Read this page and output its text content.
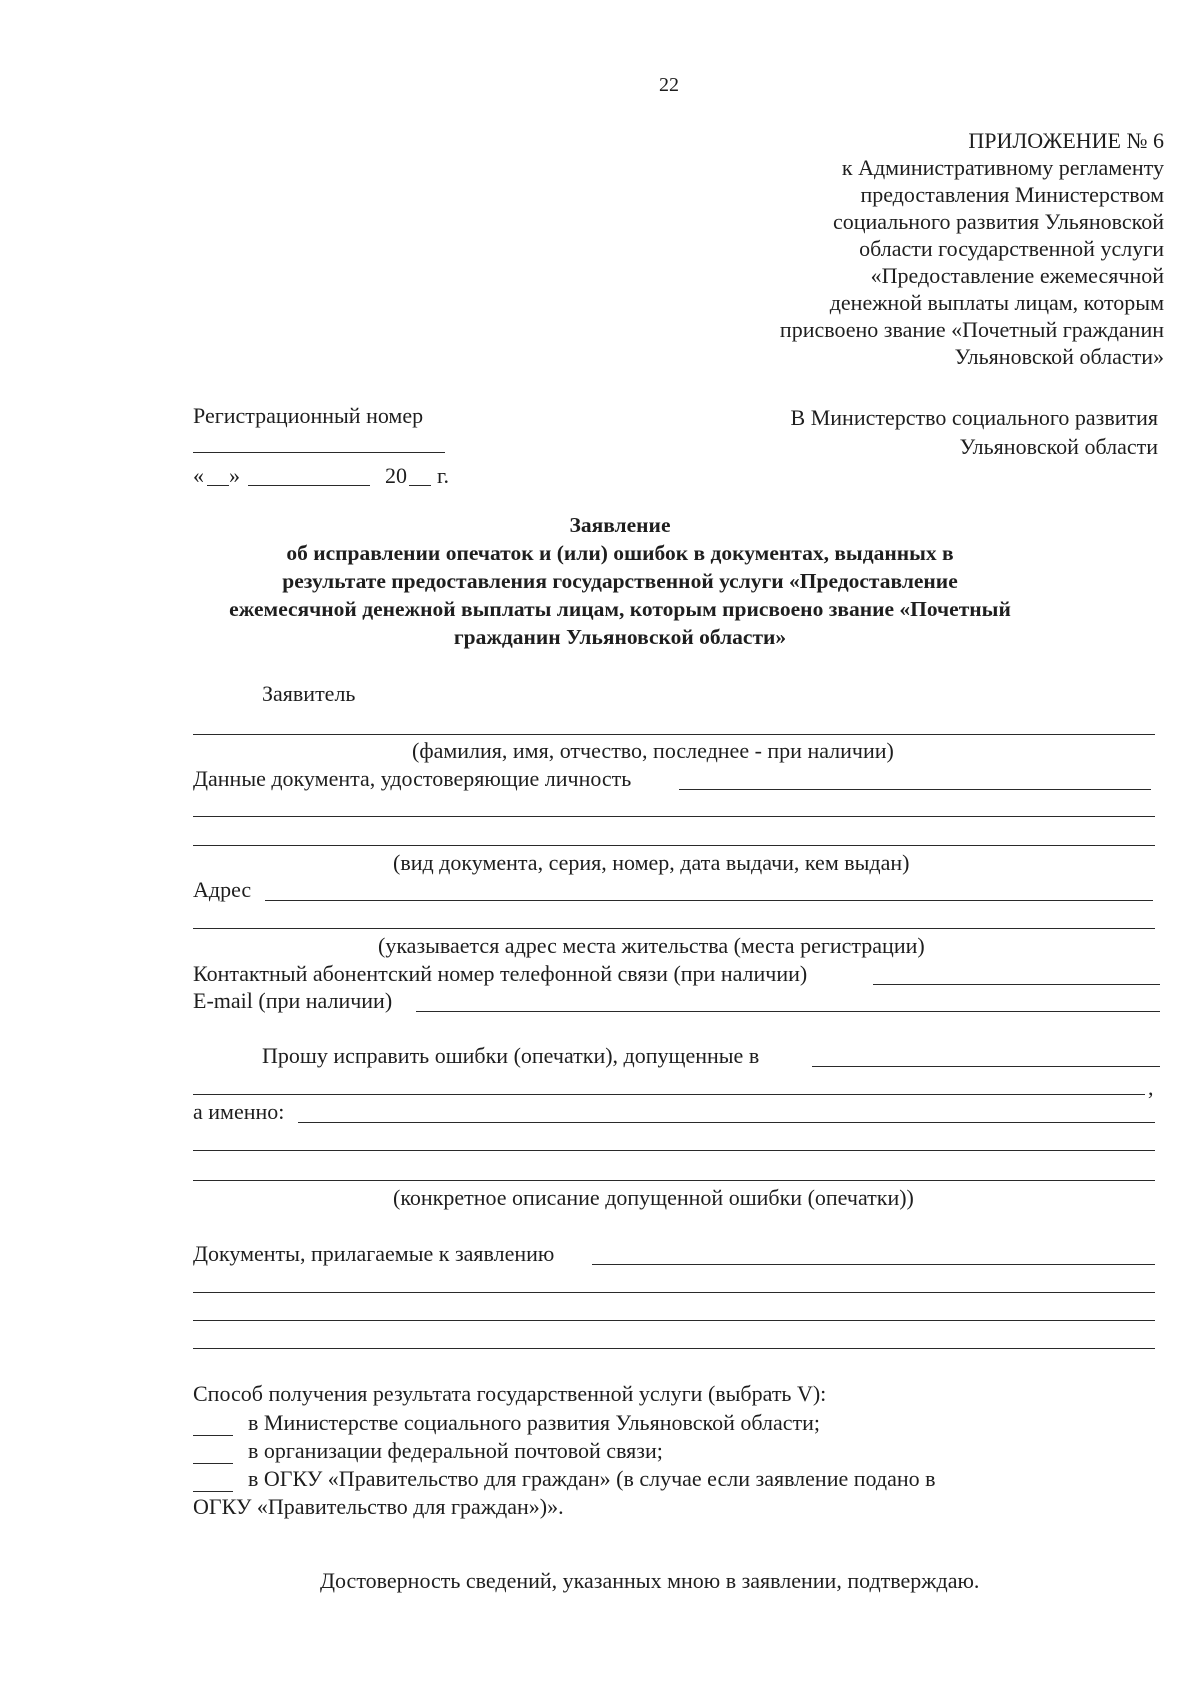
22
ПРИЛОЖЕНИЕ № 6
к Административному регламенту
предоставления Министерством
социального развития Ульяновской
области государственной услуги
«Предоставление ежемесячной
денежной выплаты лицам, которым
присвоено звание «Почетный гражданин
Ульяновской области»
Регистрационный номер
« »	20 г.
В Министерство социального развития
Ульяновской области
Заявление
об исправлении опечаток и (или) ошибок в документах, выданных в
результате предоставления государственной услуги «Предоставление
ежемесячной денежной выплаты лицам, которым присвоено звание «Почетный
гражданин Ульяновской области»
Заявитель
(фамилия, имя, отчество, последнее - при наличии)
Данные документа, удостоверяющие личность
(вид документа, серия, номер, дата выдачи, кем выдан)
Адрес
(указывается адрес места жительства (места регистрации)
Контактный абонентский номер телефонной связи (при наличии)
E-mail (при наличии)
Прошу исправить ошибки (опечатки), допущенные в
,
а именно:
(конкретное описание допущенной ошибки (опечатки))
Документы, прилагаемые к заявлению
Способ получения результата государственной услуги (выбрать V):
в Министерстве социального развития Ульяновской области;
в организации федеральной почтовой связи;
в ОГКУ «Правительство для граждан» (в случае если заявление подано в
ОГКУ «Правительство для граждан»)».
Достоверность сведений, указанных мною в заявлении, подтверждаю.
